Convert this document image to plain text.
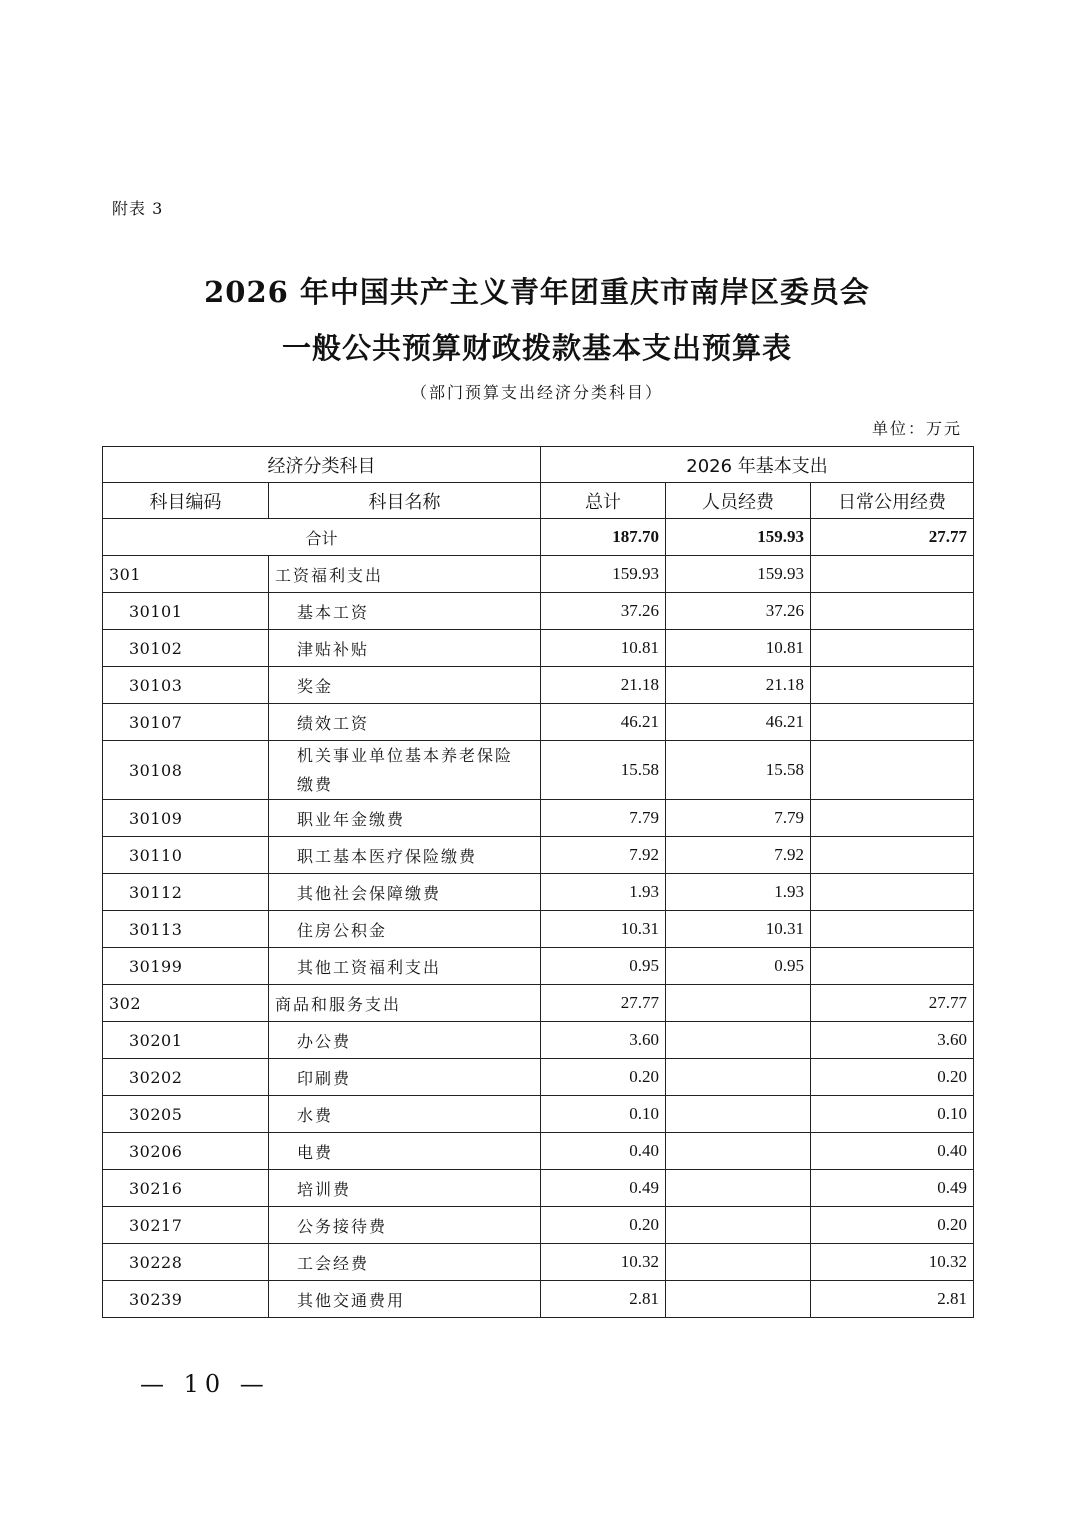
附表 3
2026 年中国共产主义青年团重庆市南岸区委员会
一般公共预算财政拨款基本支出预算表
（部门预算支出经济分类科目）
单位：万元
经济分类科目		2026 年基本支出		
科目编码	科目名称	总计	人员经费	日常公用经费
合计		187.70	159.93	27.77
301	工资福利支出	159.93	159.93	
30101	基本工资	37.26	37.26	
30102	津贴补贴	10.81	10.81	
30103	奖金	21.18	21.18	
30107	绩效工资	46.21	46.21	
30108	机关事业单位基本养老保险缴费	15.58	15.58	
30109	职业年金缴费	7.79	7.79	
30110	职工基本医疗保险缴费	7.92	7.92	
30112	其他社会保障缴费	1.93	1.93	
30113	住房公积金	10.31	10.31	
30199	其他工资福利支出	0.95	0.95	
302	商品和服务支出	27.77		27.77
30201	办公费	3.60		3.60
30202	印刷费	0.20		0.20
30205	水费	0.10		0.10
30206	电费	0.40		0.40
30216	培训费	0.49		0.49
30217	公务接待费	0.20		0.20
30228	工会经费	10.32		10.32
30239	其他交通费用	2.81		2.81
— 10 —
